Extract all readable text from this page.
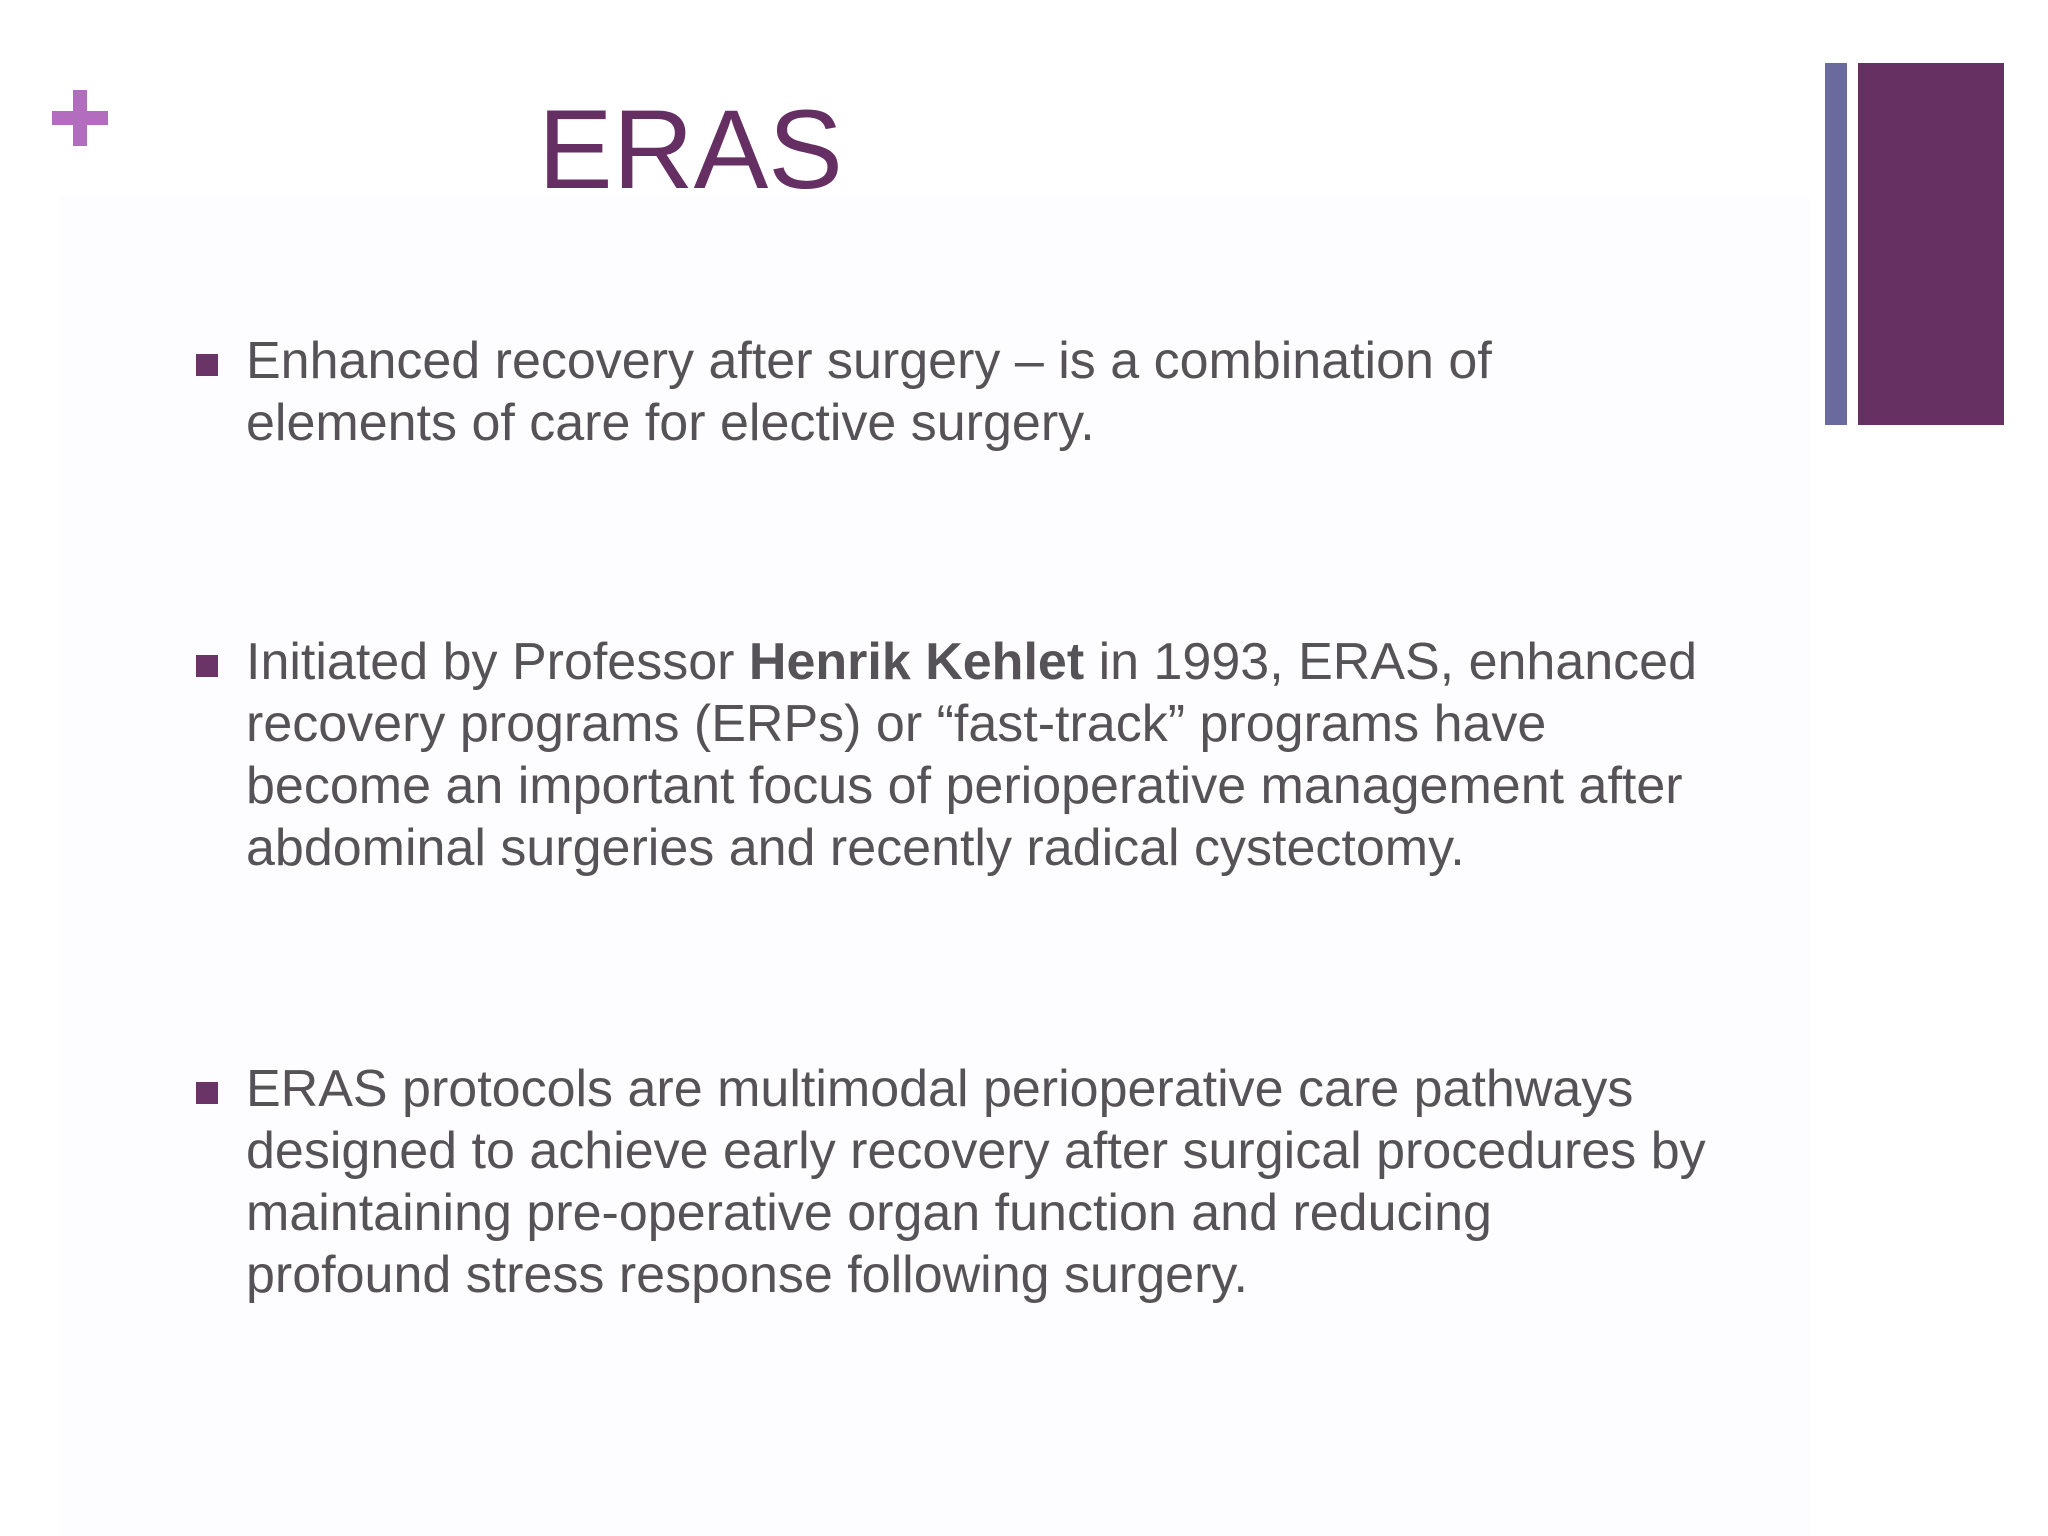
ERAS
Enhanced recovery after surgery – is a combination of
elements of care for elective surgery.
Initiated by Professor Henrik Kehlet in 1993, ERAS, enhanced
recovery programs (ERPs) or “fast-track” programs have
become an important focus of perioperative management after
abdominal surgeries and recently radical cystectomy.
ERAS protocols are multimodal perioperative care pathways
designed to achieve early recovery after surgical procedures by
maintaining pre-operative organ function and reducing
profound stress response following surgery.
